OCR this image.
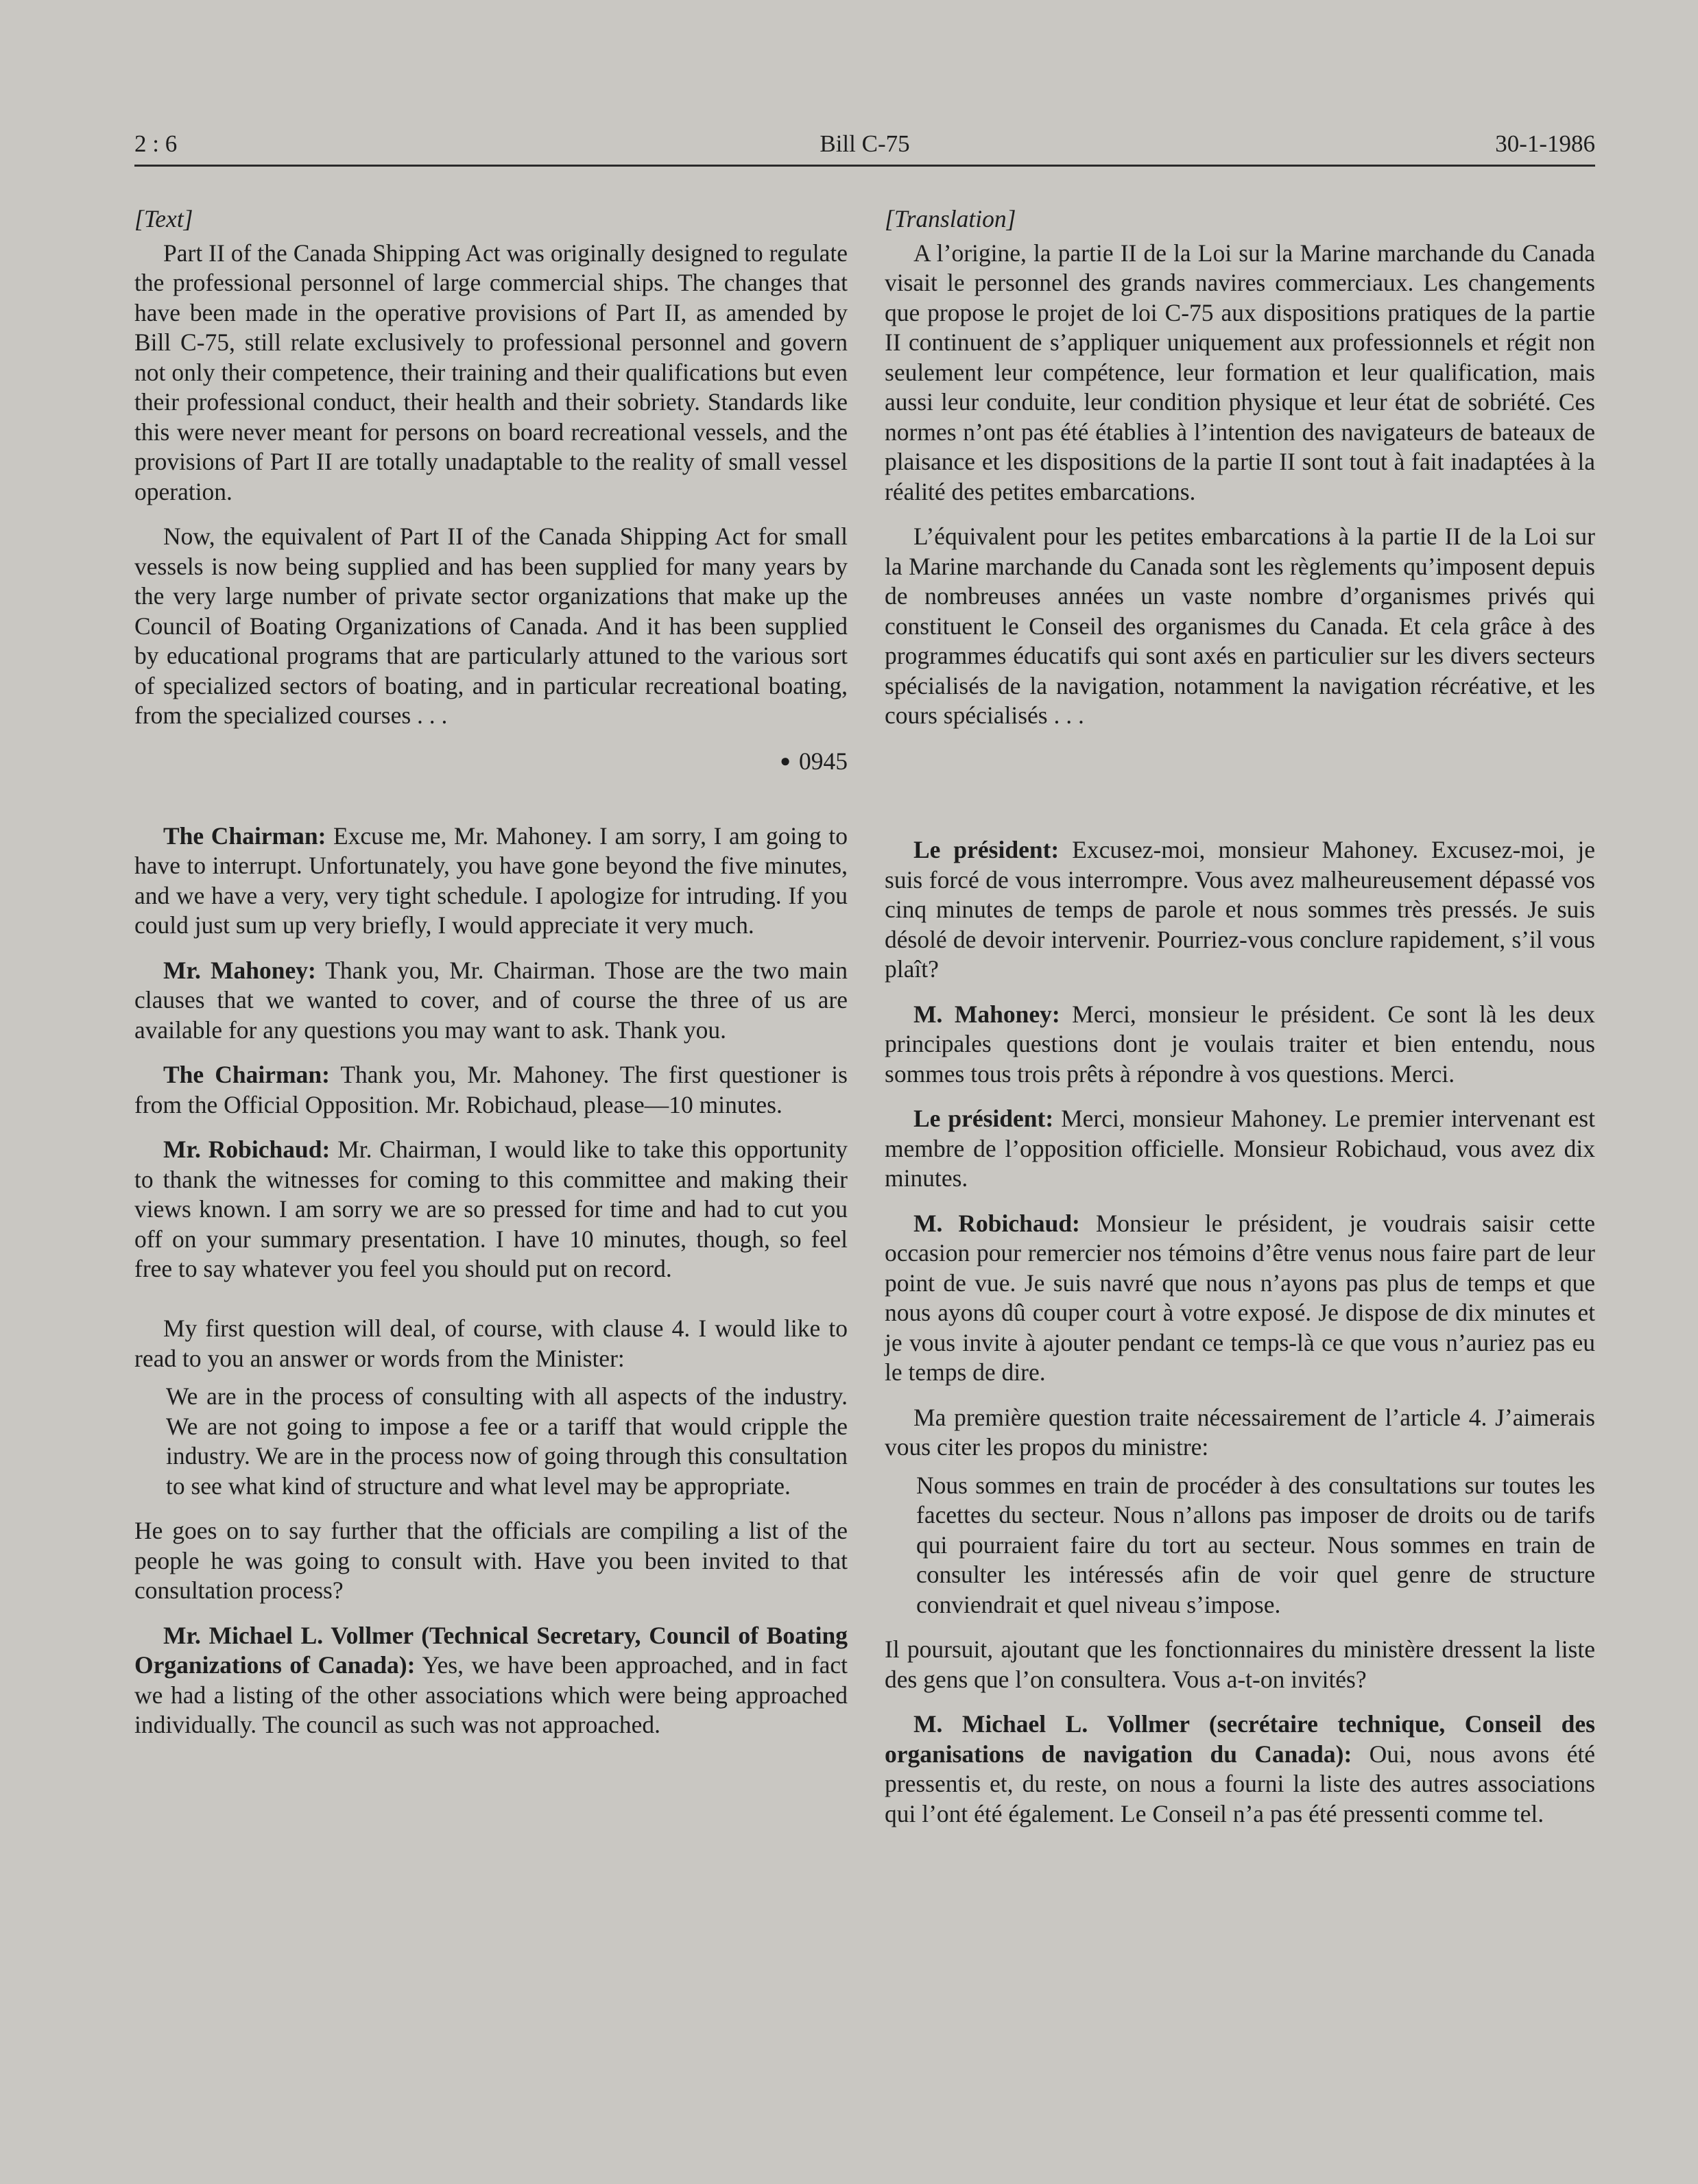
2 : 6	Bill C-75	30-1-1986
[Text]

Part II of the Canada Shipping Act was originally designed to regulate the professional personnel of large commercial ships. The changes that have been made in the operative provisions of Part II, as amended by Bill C-75, still relate exclusively to professional personnel and govern not only their competence, their training and their qualifications but even their professional conduct, their health and their sobriety. Standards like this were never meant for persons on board recreational vessels, and the provisions of Part II are totally unadaptable to the reality of small vessel operation.

Now, the equivalent of Part II of the Canada Shipping Act for small vessels is now being supplied and has been supplied for many years by the very large number of private sector organizations that make up the Council of Boating Organizations of Canada. And it has been supplied by educational programs that are particularly attuned to the various sort of specialized sectors of boating, and in particular recreational boating, from the specialized courses . . .

● 0945

The Chairman: Excuse me, Mr. Mahoney. I am sorry, I am going to have to interrupt. Unfortunately, you have gone beyond the five minutes, and we have a very, very tight schedule. I apologize for intruding. If you could just sum up very briefly, I would appreciate it very much.

Mr. Mahoney: Thank you, Mr. Chairman. Those are the two main clauses that we wanted to cover, and of course the three of us are available for any questions you may want to ask. Thank you.

The Chairman: Thank you, Mr. Mahoney. The first questioner is from the Official Opposition. Mr. Robichaud, please—10 minutes.

Mr. Robichaud: Mr. Chairman, I would like to take this opportunity to thank the witnesses for coming to this committee and making their views known. I am sorry we are so pressed for time and had to cut you off on your summary presentation. I have 10 minutes, though, so feel free to say whatever you feel you should put on record.

My first question will deal, of course, with clause 4. I would like to read to you an answer or words from the Minister:

We are in the process of consulting with all aspects of the industry. We are not going to impose a fee or a tariff that would cripple the industry. We are in the process now of going through this consultation to see what kind of structure and what level may be appropriate.

He goes on to say further that the officials are compiling a list of the people he was going to consult with. Have you been invited to that consultation process?

Mr. Michael L. Vollmer (Technical Secretary, Council of Boating Organizations of Canada): Yes, we have been approached, and in fact we had a listing of the other associations which were being approached individually. The council as such was not approached.

[Translation]

A l’origine, la partie II de la Loi sur la Marine marchande du Canada visait le personnel des grands navires commerciaux. Les changements que propose le projet de loi C-75 aux dispositions pratiques de la partie II continuent de s’appliquer uniquement aux professionnels et régit non seulement leur compétence, leur formation et leur qualification, mais aussi leur conduite, leur condition physique et leur état de sobriété. Ces normes n’ont pas été établies à l’intention des navigateurs de bateaux de plaisance et les dispositions de la partie II sont tout à fait inadaptées à la réalité des petites embarcations.

L’équivalent pour les petites embarcations à la partie II de la Loi sur la Marine marchande du Canada sont les règlements qu’imposent depuis de nombreuses années un vaste nombre d’organismes privés qui constituent le Conseil des organismes du Canada. Et cela grâce à des programmes éducatifs qui sont axés en particulier sur les divers secteurs spécialisés de la navigation, notamment la navigation récréative, et les cours spécialisés . . .

Le président: Excusez-moi, monsieur Mahoney. Excusez-moi, je suis forcé de vous interrompre. Vous avez malheureusement dépassé vos cinq minutes de temps de parole et nous sommes très pressés. Je suis désolé de devoir intervenir. Pourriez-vous conclure rapidement, s’il vous plaît?

M. Mahoney: Merci, monsieur le président. Ce sont là les deux principales questions dont je voulais traiter et bien entendu, nous sommes tous trois prêts à répondre à vos questions. Merci.

Le président: Merci, monsieur Mahoney. Le premier intervenant est membre de l’opposition officielle. Monsieur Robichaud, vous avez dix minutes.

M. Robichaud: Monsieur le président, je voudrais saisir cette occasion pour remercier nos témoins d’être venus nous faire part de leur point de vue. Je suis navré que nous n’ayons pas plus de temps et que nous ayons dû couper court à votre exposé. Je dispose de dix minutes et je vous invite à ajouter pendant ce temps-là ce que vous n’auriez pas eu le temps de dire.

Ma première question traite nécessairement de l’article 4. J’aimerais vous citer les propos du ministre:

Nous sommes en train de procéder à des consultations sur toutes les facettes du secteur. Nous n’allons pas imposer de droits ou de tarifs qui pourraient faire du tort au secteur. Nous sommes en train de consulter les intéressés afin de voir quel genre de structure conviendrait et quel niveau s’impose.

Il poursuit, ajoutant que les fonctionnaires du ministère dressent la liste des gens que l’on consultera. Vous a-t-on invités?

M. Michael L. Vollmer (secrétaire technique, Conseil des organisations de navigation du Canada): Oui, nous avons été pressentis et, du reste, on nous a fourni la liste des autres associations qui l’ont été également. Le Conseil n’a pas été pressenti comme tel.
